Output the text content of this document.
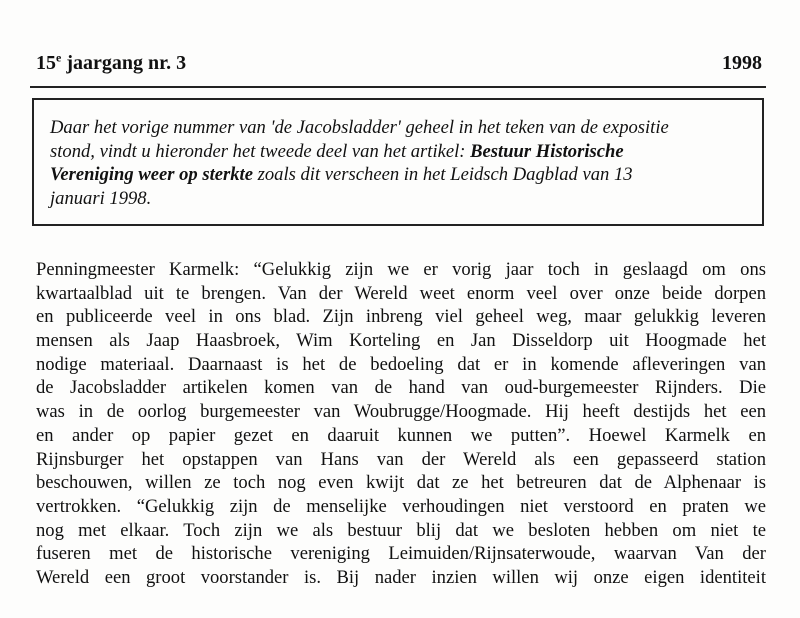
15e jaargang nr. 3	1998
Daar het vorige nummer van 'de Jacobsladder' geheel in het teken van de expositie
stond, vindt u hieronder het tweede deel van het artikel: Bestuur Historische
Vereniging weer op sterkte zoals dit verscheen in het Leidsch Dagblad van 13
januari 1998.
Penningmeester Karmelk: “Gelukkig zijn we er vorig jaar toch in geslaagd om ons
kwartaalblad uit te brengen. Van der Wereld weet enorm veel over onze beide dorpen
en publiceerde veel in ons blad. Zijn inbreng viel geheel weg, maar gelukkig leveren
mensen als Jaap Haasbroek, Wim Korteling en Jan Disseldorp uit Hoogmade het
nodige materiaal. Daarnaast is het de bedoeling dat er in komende afleveringen van
de Jacobsladder artikelen komen van de hand van oud-burgemeester Rijnders. Die
was in de oorlog burgemeester van Woubrugge/Hoogmade. Hij heeft destijds het een
en ander op papier gezet en daaruit kunnen we putten”. Hoewel Karmelk en
Rijnsburger het opstappen van Hans van der Wereld als een gepasseerd station
beschouwen, willen ze toch nog even kwijt dat ze het betreuren dat de Alphenaar is
vertrokken. “Gelukkig zijn de menselijke verhoudingen niet verstoord en praten we
nog met elkaar. Toch zijn we als bestuur blij dat we besloten hebben om niet te
fuseren met de historische vereniging Leimuiden/Rijnsaterwoude, waarvan Van der
Wereld een groot voorstander is. Bij nader inzien willen wij onze eigen identiteit
